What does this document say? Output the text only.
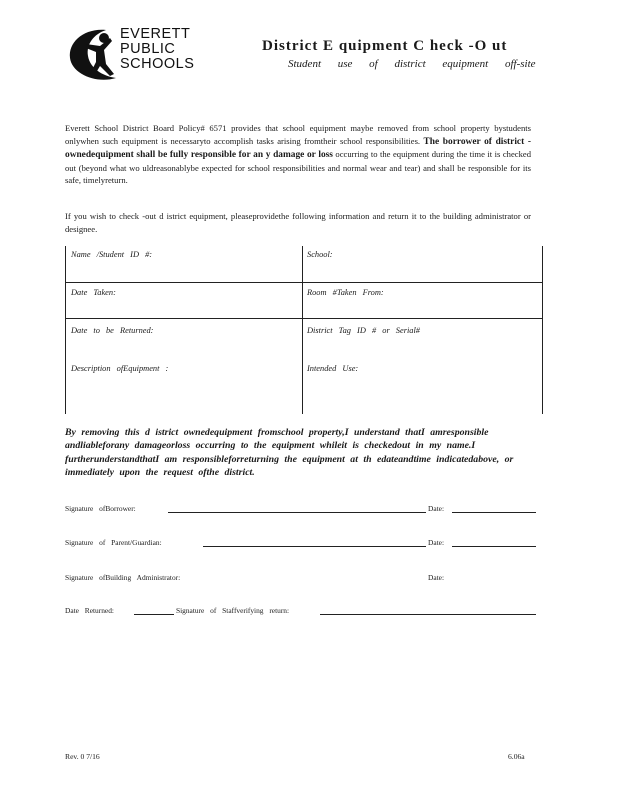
EVERETT
PUBLIC
SCHOOLS
District E quipment C heck -O ut
Student use of district equipment off-site
Everett School District Board Policy# 6571 provides that school equipment maybe removed from school property bystudents onlywhen such equipment is necessaryto accomplish tasks arising fromtheir school responsibilities. The borrower of district - ownedequipment shall be fully responsible for an y damage or loss occurring to the equipment during the time it is checked out (beyond what wo uldreasonablybe expected for school responsibilities and normal wear and tear) and shall be responsible for its safe, timelyreturn.
If you wish to check -out d istrict equipment, pleaseprovidethe following information and return it to the building administrator or designee.
Name /Student ID #:	School:
Date Taken:	Room #Taken From:
Date to be Returned:	District Tag ID # or Serial#
Description ofEquipment :	Intended Use:
By removing this d istrict ownedequipment fromschool property,I understand thatI amresponsible andliableforany damageorloss occurring to the equipment whileit is checkedout in my name.I furtherunderstandthatI am responsibleforreturning the equipment at th edateandtime indicatedabove, or immediately upon the request ofthe district.
Signature ofBorrower:	Date:
Signature of Parent/Guardian:	Date:
Signature ofBuilding Administrator:	Date:
Date Returned:	Signature of Staffverifying return:
Rev. 0 7/16	6.06a
